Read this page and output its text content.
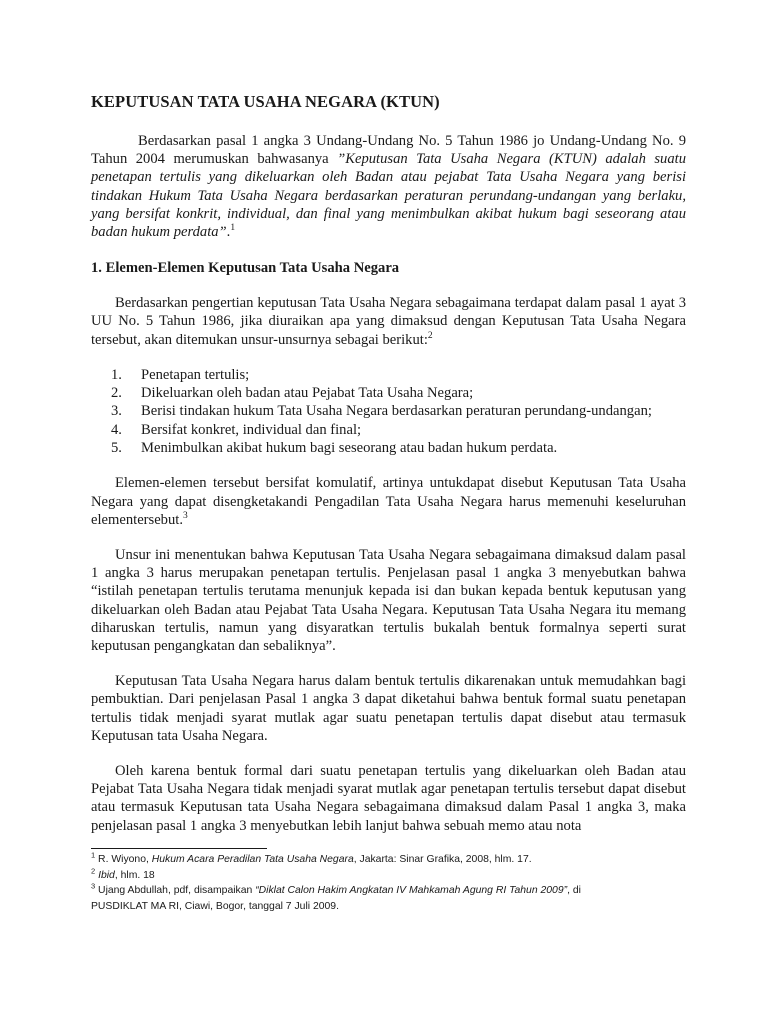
KEPUTUSAN TATA USAHA NEGARA (KTUN)

Berdasarkan pasal 1 angka 3 Undang-Undang No. 5 Tahun 1986 jo Undang-Undang No. 9 Tahun 2004 merumuskan bahwasanya ”Keputusan Tata Usaha Negara (KTUN) adalah suatu penetapan tertulis yang dikeluarkan oleh Badan atau pejabat Tata Usaha Negara yang berisi tindakan Hukum Tata Usaha Negara berdasarkan peraturan perundang-undangan yang berlaku, yang bersifat konkrit, individual, dan final yang menimbulkan akibat hukum bagi seseorang atau badan hukum perdata”.$^1$

1. Elemen-Elemen Keputusan Tata Usaha Negara

Berdasarkan pengertian keputusan Tata Usaha Negara sebagaimana terdapat dalam pasal 1 ayat 3 UU No. 5 Tahun 1986, jika diuraikan apa yang dimaksud dengan Keputusan Tata Usaha Negara tersebut, akan ditemukan unsur-unsurnya sebagai berikut:$^2$

1.	Penetapan tertulis;
2.	Dikeluarkan oleh badan atau Pejabat Tata Usaha Negara;
3.	Berisi tindakan hukum Tata Usaha Negara berdasarkan peraturan perundang-undangan;
4.	Bersifat konkret, individual dan final;
5.	Menimbulkan akibat hukum bagi seseorang atau badan hukum perdata.

Elemen-elemen tersebut bersifat komulatif, artinya untukdapat disebut Keputusan Tata Usaha Negara yang dapat disengketakandi Pengadilan Tata Usaha Negara harus memenuhi keseluruhan elementersebut.$^3$

Unsur ini menentukan bahwa Keputusan Tata Usaha Negara sebagaimana dimaksud dalam pasal 1 angka 3 harus merupakan penetapan tertulis. Penjelasan pasal 1 angka 3 menyebutkan bahwa “istilah penetapan tertulis terutama menunjuk kepada isi dan bukan kepada bentuk keputusan yang dikeluarkan oleh Badan atau Pejabat Tata Usaha Negara. Keputusan Tata Usaha Negara itu memang diharuskan tertulis, namun yang disyaratkan tertulis bukalah bentuk formalnya seperti surat keputusan pengangkatan dan sebaliknya”.

Keputusan Tata Usaha Negara harus dalam bentuk tertulis dikarenakan untuk memudahkan bagi pembuktian. Dari penjelasan Pasal 1 angka 3 dapat diketahui bahwa bentuk formal suatu penetapan tertulis tidak menjadi syarat mutlak agar suatu penetapan tertulis dapat disebut atau termasuk Keputusan tata Usaha Negara.

Oleh karena bentuk formal dari suatu penetapan tertulis yang dikeluarkan oleh Badan atau Pejabat Tata Usaha Negara tidak menjadi syarat mutlak agar penetapan tertulis tersebut dapat disebut atau termasuk Keputusan tata Usaha Negara sebagaimana dimaksud dalam Pasal 1 angka 3, maka penjelasan pasal 1 angka 3 menyebutkan lebih lanjut bahwa sebuah memo atau nota

$^1$ R. Wiyono, Hukum Acara Peradilan Tata Usaha Negara, Jakarta: Sinar Grafika, 2008, hlm. 17.

$^2$ Ibid, hlm. 18

$^3$ Ujang Abdullah, pdf, disampaikan “Diklat Calon Hakim Angkatan IV Mahkamah Agung RI Tahun 2009”, di

PUSDIKLAT MA RI, Ciawi, Bogor, tanggal 7 Juli 2009.
